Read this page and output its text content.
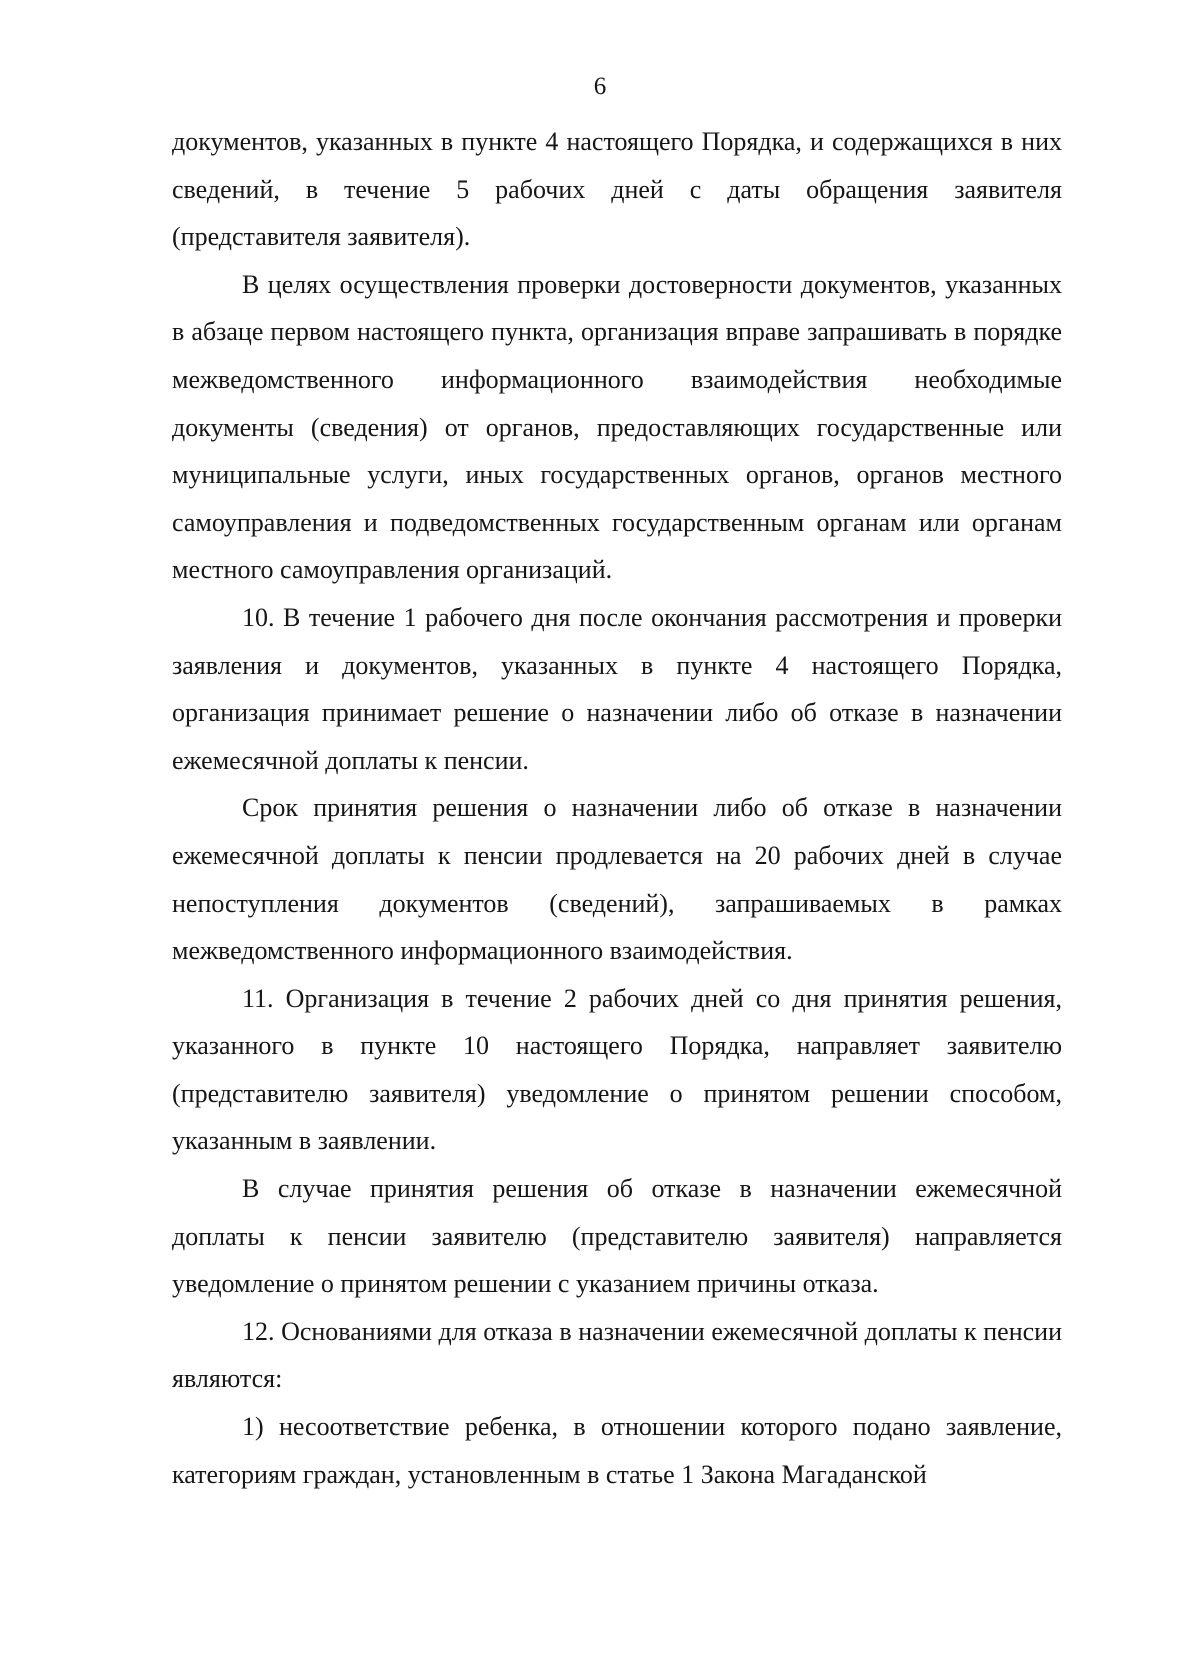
6

документов, указанных в пункте 4 настоящего Порядка, и содержащихся в них сведений, в течение 5 рабочих дней с даты обращения заявителя (представителя заявителя).

В целях осуществления проверки достоверности документов, указанных в абзаце первом настоящего пункта, организация вправе запрашивать в порядке межведомственного информационного взаимодействия необходимые документы (сведения) от органов, предоставляющих государственные или муниципальные услуги, иных государственных органов, органов местного самоуправления и подведомственных государственным органам или органам местного самоуправления организаций.

10. В течение 1 рабочего дня после окончания рассмотрения и проверки заявления и документов, указанных в пункте 4 настоящего Порядка, организация принимает решение о назначении либо об отказе в назначении ежемесячной доплаты к пенсии.

Срок принятия решения о назначении либо об отказе в назначении ежемесячной доплаты к пенсии продлевается на 20 рабочих дней в случае непоступления документов (сведений), запрашиваемых в рамках межведомственного информационного взаимодействия.

11. Организация в течение 2 рабочих дней со дня принятия решения, указанного в пункте 10 настоящего Порядка, направляет заявителю (представителю заявителя) уведомление о принятом решении способом, указанным в заявлении.

В случае принятия решения об отказе в назначении ежемесячной доплаты к пенсии заявителю (представителю заявителя) направляется уведомление о принятом решении с указанием причины отказа.

12. Основаниями для отказа в назначении ежемесячной доплаты к пенсии являются:

1) несоответствие ребенка, в отношении которого подано заявление, категориям граждан, установленным в статье 1 Закона Магаданской
